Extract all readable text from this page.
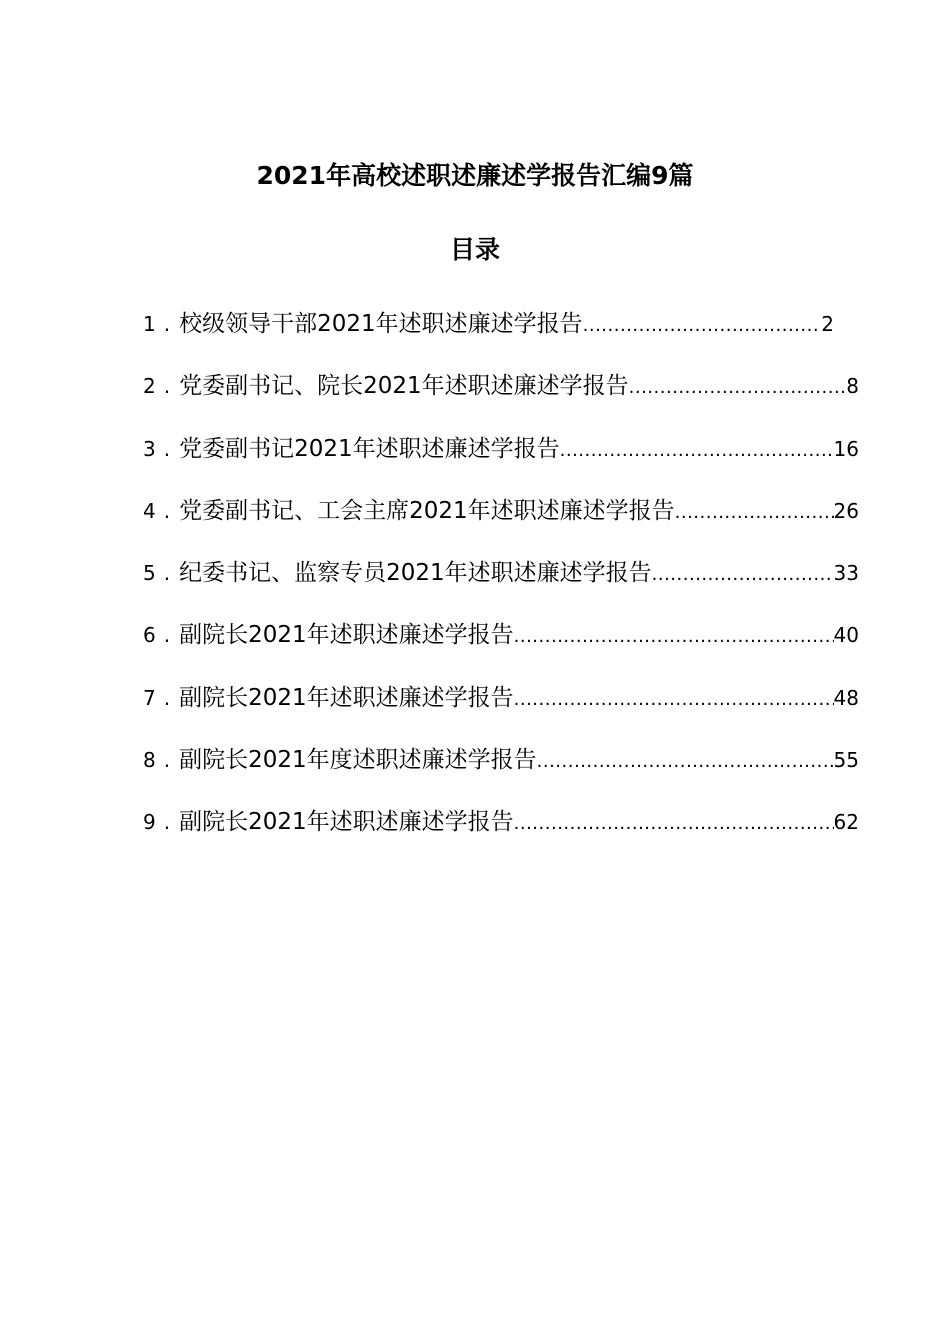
2021年高校述职述廉述学报告汇编9篇
目录
1 . 校级领导干部2021年述职述廉述学报告 .....	2
2 . 党委副书记、院长2021年述职述廉述学报告 .....	8
3 . 党委副书记2021年述职述廉述学报告 .....	16
4 . 党委副书记、工会主席2021年述职述廉述学报告 .....	26
5 . 纪委书记、监察专员2021年述职述廉述学报告 .....	33
6 . 副院长2021年述职述廉述学报告 .....	40
7 . 副院长2021年述职述廉述学报告 .....	48
8 . 副院长2021年度述职述廉述学报告 .....	55
9 . 副院长2021年述职述廉述学报告 .....	62
